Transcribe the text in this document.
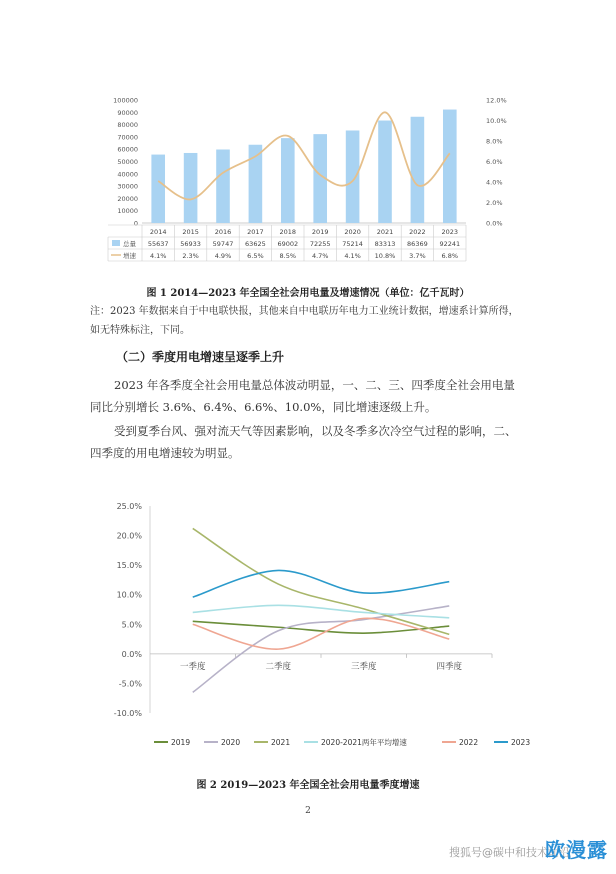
100000
90000
80000
70000
60000
50000
40000
30000
20000
10000
0
12.0%
10.0%
8.0%
6.0%
4.0%
2.0%
0.0%
2014 2015 2016 2017 2018 2019 2020 2021 2022 2023
55637 56933 59747 63625 69002 72255 75214 83313 86369 92241
4.1% 2.3% 4.9% 6.5% 8.5% 4.7% 4.1% 10.8% 3.7% 6.8%
总量
增速
图 1 2014—2023 年全国全社会用电量及增速情况（单位：亿千瓦时）
注：2023 年数据来自于中电联快报，其他来自中电联历年电力工业统计数据，增速系计算所得，如无特殊标注，下同。
（二）季度用电增速呈逐季上升
2023 年各季度全社会用电量总体波动明显，一、二、三、四季度全社会用电量同比分别增长 3.6%、6.4%、6.6%、10.0%，同比增速逐级上升。
受到夏季台风、强对流天气等因素影响，以及冬季多次冷空气过程的影响，二、四季度的用电增速较为明显。
25.0%
20.0%
15.0%
10.0%
5.0%
0.0%
-5.0%
-10.0%
一季度	二季度	三季度	四季度
2019	2020	2021	2020-2021两年平均增速	2022	2023
图 2 2019—2023 年全国全社会用电量季度增速
2
搜狐号@碳中和技术前沿
欧漫露
